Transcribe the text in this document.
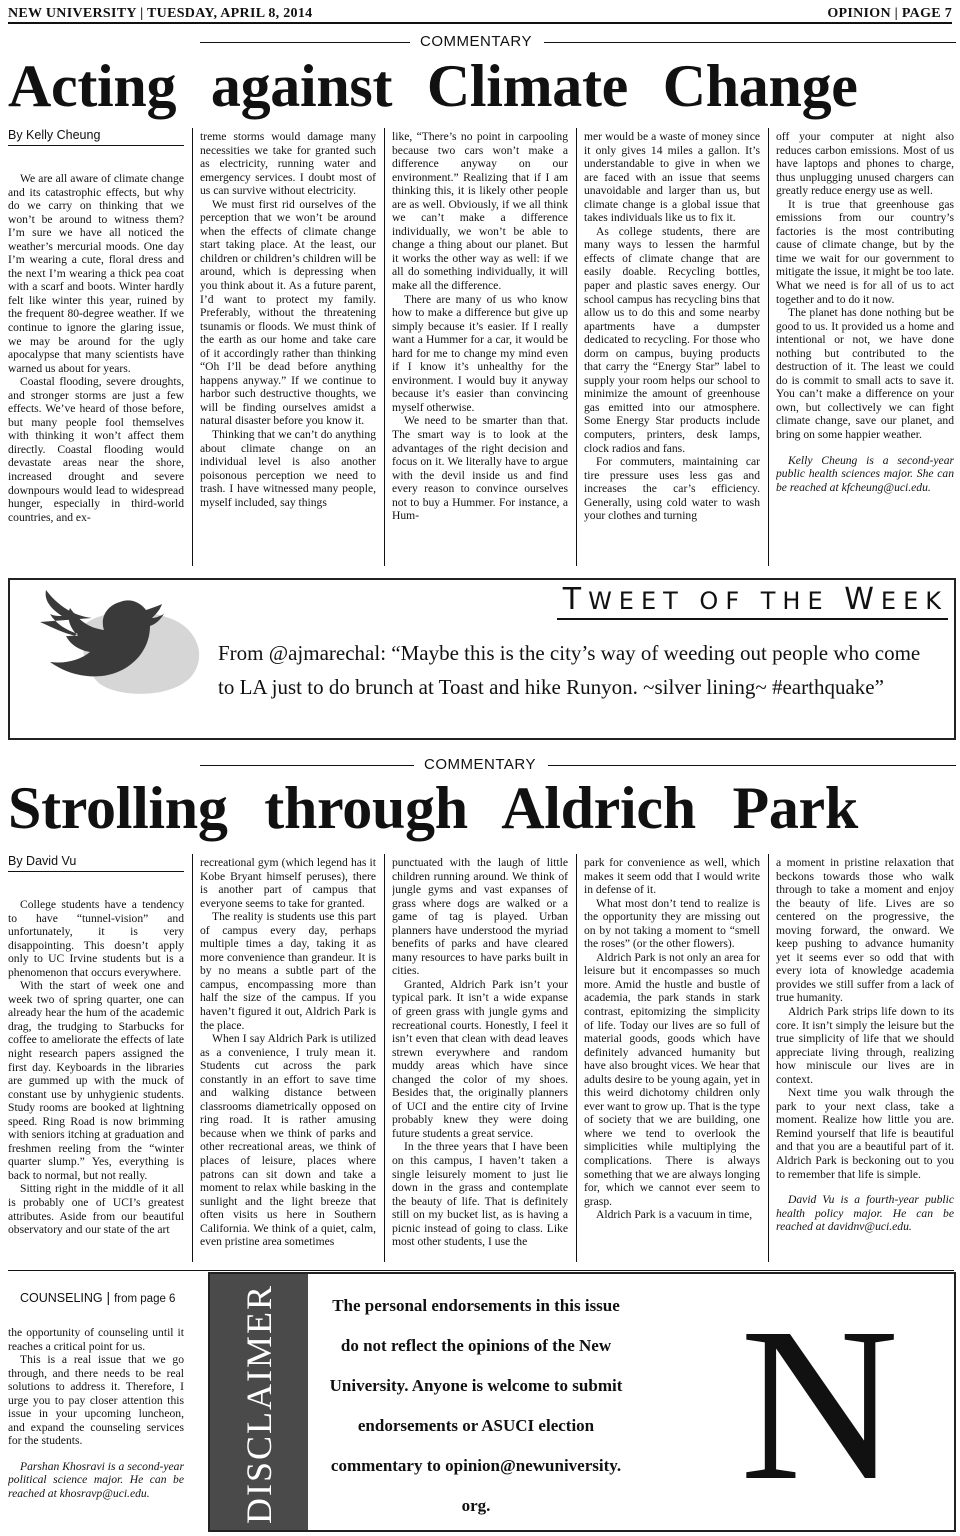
NEW UNIVERSITY | TUESDAY, APRIL 8, 2014	OPINION | PAGE 7
COMMENTARY
Acting against Climate Change
By Kelly Cheung

We are all aware of climate change and its catastrophic effects, but why do we carry on thinking that we won’t be around to witness them? I’m sure we have all noticed the weather’s mercurial moods. One day I’m wearing a cute, floral dress and the next I’m wearing a thick pea coat with a scarf and boots. Winter hardly felt like winter this year, ruined by the frequent 80-degree weather. If we continue to ignore the glaring issue, we may be around for the ugly apocalypse that many scientists have warned us about for years.

Coastal flooding, severe droughts, and stronger storms are just a few effects. We’ve heard of those before, but many people fool themselves with thinking it won’t affect them directly. Coastal flooding would devastate areas near the shore, increased drought and severe downpours would lead to widespread hunger, especially in third-world countries, and ex-

treme storms would damage many necessities we take for granted such as electricity, running water and emergency services. I doubt most of us can survive without electricity.

We must first rid ourselves of the perception that we won’t be around when the effects of climate change start taking place. At the least, our children or children’s children will be around, which is depressing when you think about it. As a future parent, I’d want to protect my family. Preferably, without the threatening tsunamis or floods. We must think of the earth as our home and take care of it accordingly rather than thinking “Oh I’ll be dead before anything happens anyway.” If we continue to harbor such destructive thoughts, we will be finding ourselves amidst a natural disaster before you know it.

Thinking that we can’t do anything about climate change on an individual level is also another poisonous perception we need to trash. I have witnessed many people, myself included, say things

like, “There’s no point in carpooling because two cars won’t make a difference anyway on our environment.” Realizing that if I am thinking this, it is likely other people are as well. Obviously, if we all think we can’t make a difference individually, we won’t be able to change a thing about our planet. But it works the other way as well: if we all do something individually, it will make all the difference.

There are many of us who know how to make a difference but give up simply because it’s easier. If I really want a Hummer for a car, it would be hard for me to change my mind even if I know it’s unhealthy for the environment. I would buy it anyway because it’s easier than convincing myself otherwise.

We need to be smarter than that. The smart way is to look at the advantages of the right decision and focus on it. We literally have to argue with the devil inside us and find every reason to convince ourselves not to buy a Hummer. For instance, a Hum-

mer would be a waste of money since it only gives 14 miles a gallon. It’s understandable to give in when we are faced with an issue that seems unavoidable and larger than us, but climate change is a global issue that takes individuals like us to fix it.

As college students, there are many ways to lessen the harmful effects of climate change that are easily doable. Recycling bottles, paper and plastic saves energy. Our school campus has recycling bins that allow us to do this and some nearby apartments have a dumpster dedicated to recycling. For those who dorm on campus, buying products that carry the “Energy Star” label to supply your room helps our school to minimize the amount of greenhouse gas emitted into our atmosphere. Some Energy Star products include computers, printers, desk lamps, clock radios and fans.

For commuters, maintaining car tire pressure uses less gas and increases the car’s efficiency. Generally, using cold water to wash your clothes and turning

off your computer at night also reduces carbon emissions. Most of us have laptops and phones to charge, thus unplugging unused chargers can greatly reduce energy use as well.

It is true that greenhouse gas emissions from our country’s factories is the most contributing cause of climate change, but by the time we wait for our government to mitigate the issue, it might be too late. What we need is for all of us to act together and to do it now.

The planet has done nothing but be good to us. It provided us a home and intentional or not, we have done nothing but contributed to the destruction of it. The least we could do is commit to small acts to save it. You can’t make a difference on your own, but collectively we can fight climate change, save our planet, and bring on some happier weather.

Kelly Cheung is a second-year public health sciences major. She can be reached at kfcheung@uci.edu.

TWEET OF THE WEEK
From @ajmarechal: “Maybe this is the city’s way of weeding out people who come to LA just to do brunch at Toast and hike Runyon. ~silver lining~ #earthquake”
COMMENTARY
Strolling through Aldrich Park
By David Vu

College students have a tendency to have “tunnel-vision” and unfortunately, it is very disappointing. This doesn’t apply only to UC Irvine students but is a phenomenon that occurs everywhere.

With the start of week one and week two of spring quarter, one can already hear the hum of the academic drag, the trudging to Starbucks for coffee to ameliorate the effects of late night research papers assigned the first day. Keyboards in the libraries are gummed up with the muck of constant use by unhygienic students. Study rooms are booked at lightning speed. Ring Road is now brimming with seniors itching at graduation and freshmen reeling from the “winter quarter slump.” Yes, everything is back to normal, but not really.

Sitting right in the middle of it all is probably one of UCI’s greatest attributes. Aside from our beautiful observatory and our state of the art

recreational gym (which legend has it Kobe Bryant himself peruses), there is another part of campus that everyone seems to take for granted.

The reality is students use this part of campus every day, perhaps multiple times a day, taking it as more convenience than grandeur. It is by no means a subtle part of the campus, encompassing more than half the size of the campus. If you haven’t figured it out, Aldrich Park is the place.

When I say Aldrich Park is utilized as a convenience, I truly mean it. Students cut across the park constantly in an effort to save time and walking distance between classrooms diametrically opposed on ring road. It is rather amusing because when we think of parks and other recreational areas, we think of places of leisure, places where patrons can sit down and take a moment to relax while basking in the sunlight and the light breeze that often visits us here in Southern California. We think of a quiet, calm, even pristine area sometimes

punctuated with the laugh of little children running around. We think of jungle gyms and vast expanses of grass where dogs are walked or a game of tag is played. Urban planners have understood the myriad benefits of parks and have cleared many resources to have parks built in cities.

Granted, Aldrich Park isn’t your typical park. It isn’t a wide expanse of green grass with jungle gyms and recreational courts. Honestly, I feel it isn’t even that clean with dead leaves strewn everywhere and random muddy areas which have since changed the color of my shoes. Besides that, the originally planners of UCI and the entire city of Irvine probably knew they were doing future students a great service.

In the three years that I have been on this campus, I haven’t taken a single leisurely moment to just lie down in the grass and contemplate the beauty of life. That is definitely still on my bucket list, as is having a picnic instead of going to class. Like most other students, I use the

park for convenience as well, which makes it seem odd that I would write in defense of it.

What most don’t tend to realize is the opportunity they are missing out on by not taking a moment to “smell the roses” (or the other flowers).

Aldrich Park is not only an area for leisure but it encompasses so much more. Amid the hustle and bustle of academia, the park stands in stark contrast, epitomizing the simplicity of life. Today our lives are so full of material goods, goods which have definitely advanced humanity but have also brought vices. We hear that adults desire to be young again, yet in this weird dichotomy children only ever want to grow up. That is the type of society that we are building, one where we tend to overlook the simplicities while multiplying the complications. There is always something that we are always longing for, which we cannot ever seem to grasp.

Aldrich Park is a vacuum in time,

a moment in pristine relaxation that beckons towards those who walk through to take a moment and enjoy the beauty of life. Lives are so centered on the progressive, the moving forward, the onward. We keep pushing to advance humanity yet it seems ever so odd that with every iota of knowledge academia provides we still suffer from a lack of true humanity.

Aldrich Park strips life down to its core. It isn’t simply the leisure but the true simplicity of life that we should appreciate living through, realizing how miniscule our lives are in context.

Next time you walk through the park to your next class, take a moment. Realize how little you are. Remind yourself that life is beautiful and that you are a beautiful part of it. Aldrich Park is beckoning out to you to remember that life is simple.

David Vu is a fourth-year public health policy major. He can be reached at davidnv@uci.edu.

COUNSELING | from page 6

the opportunity of counseling until it reaches a critical point for us.

This is a real issue that we go through, and there needs to be real solutions to address it. Therefore, I urge you to pay closer attention this issue in your upcoming luncheon, and expand the counseling services for the students.

Parshan Khosravi is a second-year political science major. He can be reached at khosravp@uci.edu.	DISCLAIMER	The personal endorsements in this issue
do not reflect the opinions of the New
University. Anyone is welcome to submit
endorsements or ASUCI election
commentary to opinion@newuniversity.
org.	N
